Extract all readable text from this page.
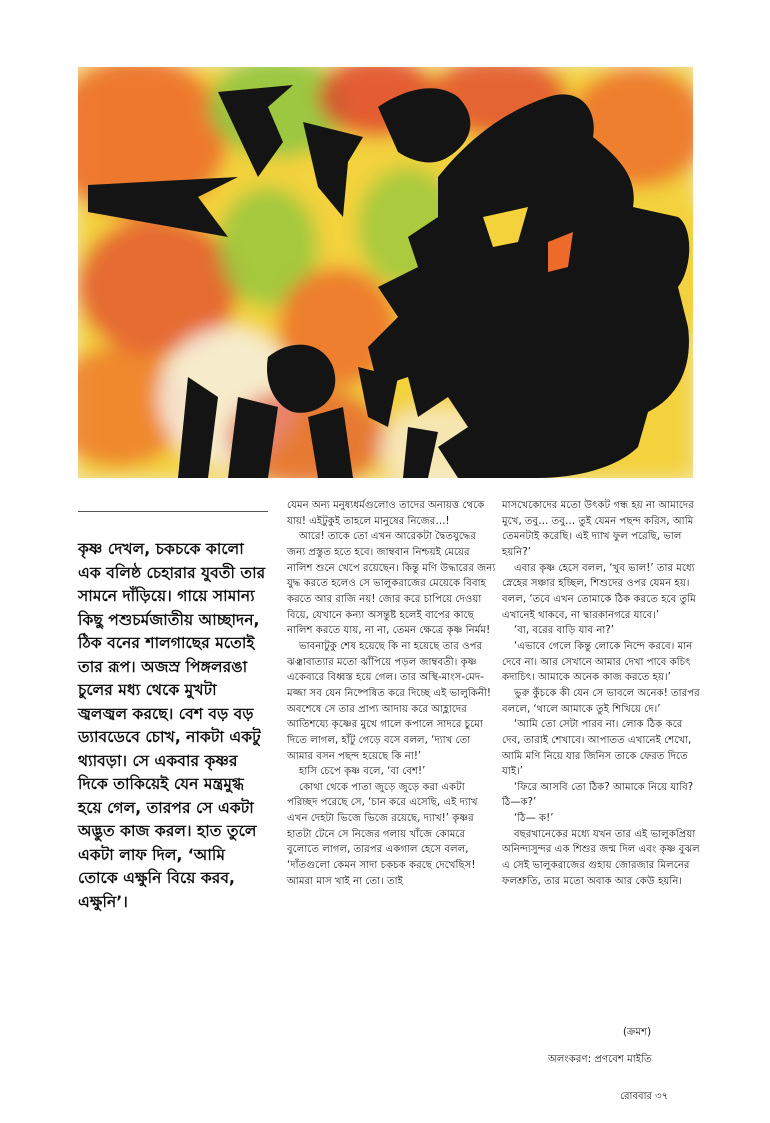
কৃষ্ণ দেখল, চকচকে কালো এক বলিষ্ঠ চেহারার যুবতী তার সামনে দাঁড়িয়ে। গায়ে সামান্য কিছু পশুচর্মজাতীয় আচ্ছাদন, ঠিক বনের শালগাছের মতোই তার রূপ। অজস্র পিঙ্গলরঙা চুলের মধ্য থেকে মুখটা জ্বলজ্বল করছে। বেশ বড় বড় ড্যাবডেবে চোখ, নাকটা একটু থ্যাবড়া। সে একবার কৃষ্ণর দিকে তাকিয়েই যেন মন্ত্রমুগ্ধ হয়ে গেল, তারপর সে একটা অদ্ভুত কাজ করল। হাত তুলে একটা লাফ দিল, ‘আমি তোকে এক্ষুনি বিয়ে করব, এক্ষুনি’।

যেমন অন্য মনুষ্যধর্মগুলোও তাদের অনায়ত্ত থেকে যায়! এইটুকুই তাহলে মানুষের নিজের…!

আরে! তাকে তো এখন আরেকটা দ্বৈতযুদ্ধের জন্য প্রস্তুত হতে হবে। জাম্ববান নিশ্চয়ই মেয়ের নালিশ শুনে খেপে রয়েছেন। কিন্তু মণি উদ্ধারের জন্য যুদ্ধ করতে হলেও সে ভালুকরাজের মেয়েকে বিবাহ করতে আর রাজি নয়! জোর করে চাপিয়ে দেওয়া বিয়ে, যেখানে কন্যা অসন্তুষ্ট হলেই বাপের কাছে নালিশ করতে যায়, না না, তেমন ক্ষেত্রে কৃষ্ণ নির্মম!

ভাবনাটুকু শেষ হয়েছে কি না হয়েছে তার ওপর ঝঞ্ঝাবাত্যার মতো ঝাঁপিয়ে পড়ল জাম্ববতী। কৃষ্ণ একেবারে বিধ্বস্ত হয়ে গেল। তার অস্থি-মাংস-মেদ-মজ্জা সব যেন নিষ্পেষিত করে দিচ্ছে এই ভালুকিনী! অবশেষে সে তার প্রাপ্য আদায় করে আহ্লাদের আতিশয্যে কৃষ্ণের মুখে গালে কপালে সাদরে চুমো দিতে লাগল, হাঁটু গেড়ে বসে বলল, ‘দ্যাখ তো আমার বসন পছন্দ হয়েছে কি না!’

হাসি চেপে কৃষ্ণ বলে, ‘বা বেশ!’

কোথা থেকে পাতা জুড়ে জুড়ে করা একটা পরিচ্ছদ পরেছে সে, ‘চান করে এসেছি, এই দ্যাখ এখন দেহটা ভিজে ভিজে রয়েছে, দ্যাখ!’ কৃষ্ণর হাতটা টেনে সে নিজের গলায় খাঁজে কোমরে বুলোতে লাগল, তারপর একগাল হেসে বলল, ‘দাঁতগুলো কেমন সাদা চকচক করছে দেখেছিস! আমরা মাস খাই না তো। তাই

মাসখেকোদের মতো উৎকট গন্ধ হয় না আমাদের মুখে, তবু… তবু… তুই যেমন পছন্দ করিস, আমি তেমনটাই করেছি। এই দ্যাখ ফুল পরেছি, ভাল হয়নি?’

এবার কৃষ্ণ হেসে বলল, ‘খুব ভাল!’ তার মধ্যে স্নেহের সঞ্চার হচ্ছিল, শিশুদের ওপর যেমন হয়। বলল, ‘তবে এখন তোমাকে ঠিক করতে হবে তুমি এখানেই থাকবে, না দ্বারকানগরে যাবে।’

‘বা, বরের বাড়ি যাব না?’

‘এভাবে গেলে কিন্তু লোকে নিন্দে করবে। মান দেবে না। আর সেখানে আমার দেখা পাবে কচিৎ কদাচিৎ। আমাকে অনেক কাজ করতে হয়।’

ভুরু কুঁচকে কী যেন সে ভাবলে অনেক! তারপর বললে, ‘থালে আমাকে তুই শিখিয়ে দে।’

‘আমি তো সেটা পারব না। লোক ঠিক করে দেব, তারাই শেখাবে। আপাতত এখানেই শেখো, আমি মণি নিয়ে যার জিনিস তাকে ফেরত দিতে যাই।’

‘ফিরে আসবি তো ঠিক? আমাকে নিয়ে যাবি? ঠি—ক?’

‘ঠি— ক!’

বছরখানেকের মধ্যে যখন তার এই ভালুকপ্রিয়া অনিন্দ্যসুন্দর এক শিশুর জন্ম দিল এবং কৃষ্ণ বুঝল এ সেই ভালুকরাজের গুহায় জোরজার মিলনের ফলশ্রুতি, তার মতো অবাক আর কেউ হয়নি।

(ক্রমশ)
অলংকরণ: প্রণবেশ মাইতি
রোববার ৩৭
